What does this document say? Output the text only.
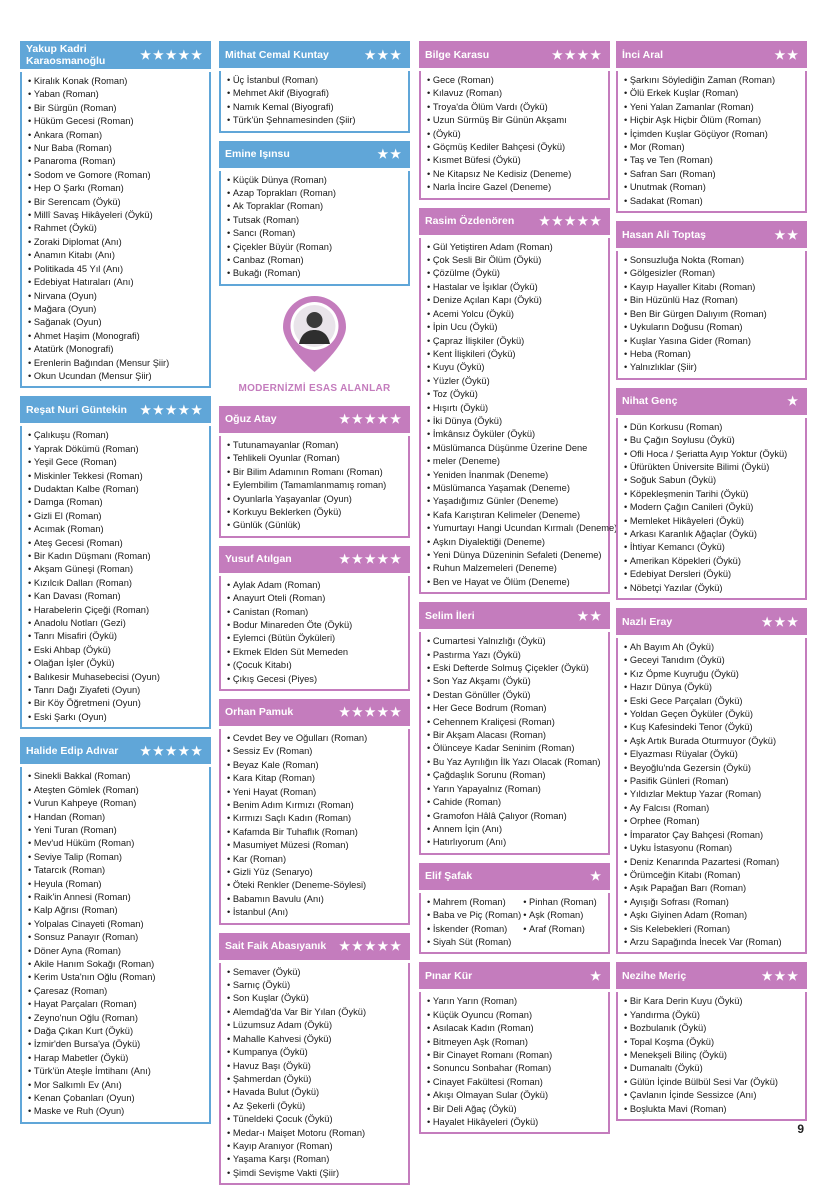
Yakup Kadri Karaosmanoğlu	★★★★★
• Kiralık Konak (Roman)
• Yaban (Roman)
• Bir Sürgün (Roman)
• Hüküm Gecesi (Roman)
• Ankara (Roman)
• Nur Baba (Roman)
• Panaroma (Roman)
• Sodom ve Gomore (Roman)
• Hep O Şarkı (Roman)
• Bir Serencam (Öykü)
• Millî Savaş Hikâyeleri (Öykü)
• Rahmet (Öykü)
• Zoraki Diplomat (Anı)
• Anamın Kitabı (Anı)
• Politikada 45 Yıl (Anı)
• Edebiyat Hatıraları (Anı)
• Nirvana (Oyun)
• Mağara (Oyun)
• Sağanak (Oyun)
• Ahmet Haşim (Monografi)
• Atatürk (Monografi)
• Erenlerin Bağından (Mensur Şiir)
• Okun Ucundan (Mensur Şiir)
Reşat Nuri Güntekin ★★★★★
• Çalıkuşu (Roman)
• Yaprak Dökümü (Roman)
• Yeşil Gece (Roman)
• Miskinler Tekkesi (Roman)
• Dudaktan Kalbe (Roman)
• Damga (Roman)
• Gizli El (Roman)
• Acımak (Roman)
• Ateş Gecesi (Roman)
• Bir Kadın Düşmanı (Roman)
• Akşam Güneşi (Roman)
• Kızılcık Dalları (Roman)
• Kan Davası (Roman)
• Harabelerin Çiçeği (Roman)
• Anadolu Notları (Gezi)
• Tanrı Misafiri (Öykü)
• Eski Ahbap (Öykü)
• Olağan İşler (Öykü)
• Balıkesir Muhasebecisi (Oyun)
• Tanrı Dağı Ziyafeti (Oyun)
• Bir Köy Öğretmeni (Oyun)
• Eski Şarkı (Oyun)
Halide Edip Adıvar ★★★★★
• Sinekli Bakkal (Roman)
• Ateşten Gömlek (Roman)
• Vurun Kahpeye (Roman)
• Handan (Roman)
• Yeni Turan (Roman)
• Mev'ud Hüküm (Roman)
• Seviye Talip (Roman)
• Tatarcık (Roman)
• Heyula (Roman)
• Raik'in Annesi (Roman)
• Kalp Ağrısı (Roman)
• Yolpalas Cinayeti (Roman)
• Sonsuz Panayır (Roman)
• Döner Ayna (Roman)
• Akile Hanım Sokağı (Roman)
• Kerim Usta'nın Oğlu (Roman)
• Çaresaz (Roman)
• Hayat Parçaları (Roman)
• Zeyno'nun Oğlu (Roman)
• Dağa Çıkan Kurt (Öykü)
• İzmir'den Bursa'ya (Öykü)
• Harap Mabetler (Öykü)
• Türk'ün Ateşle İmtihanı (Anı)
• Mor Salkımlı Ev (Anı)
• Kenan Çobanları (Oyun)
• Maske ve Ruh (Oyun)
Mithat Cemal Kuntay	★★★
• Üç İstanbul (Roman)
• Mehmet Akif (Biyografi)
• Namık Kemal (Biyografi)
• Türk'ün Şehnamesinden (Şiir)
Emine Işınsu	★★
• Küçük Dünya (Roman)
• Azap Toprakları (Roman)
• Ak Topraklar (Roman)
• Tutsak (Roman)
• Sancı (Roman)
• Çiçekler Büyür (Roman)
• Canbaz (Roman)
• Bukağı (Roman)
MODERNİZMİ ESAS ALANLAR
Oğuz Atay	★★★★★
• Tutunamayanlar (Roman)
• Tehlikeli Oyunlar (Roman)
• Bir Bilim Adamının Romanı (Roman)
• Eylembilim (Tamamlanmamış roman)
• Oyunlarla Yaşayanlar (Oyun)
• Korkuyu Beklerken (Öykü)
• Günlük (Günlük)
Yusuf Atılgan	★★★★★
• Aylak Adam (Roman)
• Anayurt Oteli (Roman)
• Canistan (Roman)
• Bodur Minareden Öte (Öykü)
• Eylemci (Bütün Öyküleri)
• Ekmek Elden Süt Memeden
• (Çocuk Kitabı)
• Çıkış Gecesi (Piyes)
Orhan Pamuk	★★★★★
• Cevdet Bey ve Oğulları (Roman)
• Sessiz Ev (Roman)
• Beyaz Kale (Roman)
• Kara Kitap (Roman)
• Yeni Hayat (Roman)
• Benim Adım Kırmızı (Roman)
• Kırmızı Saçlı Kadın (Roman)
• Kafamda Bir Tuhaflık (Roman)
• Masumiyet Müzesi (Roman)
• Kar (Roman)
• Gizli Yüz (Senaryo)
• Öteki Renkler (Deneme-Söylesi)
• Babamın Bavulu (Anı)
• İstanbul (Anı)
Sait Faik Abasıyanık ★★★★★
• Semaver (Öykü)
• Sarnıç (Öykü)
• Son Kuşlar (Öykü)
• Alemdağ'da Var Bir Yılan (Öykü)
• Lüzumsuz Adam (Öykü)
• Mahalle Kahvesi (Öykü)
• Kumpanya (Öykü)
• Havuz Başı (Öykü)
• Şahmerdan (Öykü)
• Havada Bulut (Öykü)
• Az Şekerli (Öykü)
• Tüneldeki Çocuk (Öykü)
• Medar-ı Maişet Motoru (Roman)
• Kayıp Aranıyor (Roman)
• Yaşama Karşı (Roman)
• Şimdi Sevişme Vakti (Şiir)
Bilge Karasu	★★★★
• Gece (Roman)
• Kılavuz (Roman)
• Troya'da Ölüm Vardı (Öykü)
• Uzun Sürmüş Bir Günün Akşamı
• (Öykü)
• Göçmüş Kediler Bahçesi (Öykü)
• Kısmet Büfesi (Öykü)
• Ne Kitapsız Ne Kedisiz (Deneme)
• Narla İncire Gazel (Deneme)
Rasim Özdenören ★★★★★
• Gül Yetiştiren Adam (Roman)
• Çok Sesli Bir Ölüm (Öykü)
• Çözülme (Öykü)
• Hastalar ve İşıklar (Öykü)
• Denize Açılan Kapı (Öykü)
• Acemi Yolcu (Öykü)
• İpin Ucu (Öykü)
• Çapraz İlişkiler (Öykü)
• Kent İlişkileri (Öykü)
• Kuyu (Öykü)
• Yüzler (Öykü)
• Toz (Öykü)
• Hışırtı (Öykü)
• İki Dünya (Öykü)
• İmkânsız Öyküler (Öykü)
• Müslümanca Düşünme Üzerine Dene
• meler (Deneme)
• Yeniden İnanmak (Deneme)
• Müslümanca Yaşamak (Deneme)
• Yaşadığımız Günler (Deneme)
• Kafa Karıştıran Kelimeler (Deneme)
• Yumurtayı Hangi Ucundan Kırmalı (Deneme)
• Aşkın Diyalektiği (Deneme)
• Yeni Dünya Düzeninin Sefaleti (Deneme)
• Ruhun Malzemeleri (Deneme)
• Ben ve Hayat ve Ölüm (Deneme)
Selim İleri	★★
• Cumartesi Yalnızlığı (Öykü)
• Pastırma Yazı (Öykü)
• Eski Defterde Solmuş Çiçekler (Öykü)
• Son Yaz Akşamı (Öykü)
• Destan Gönüller (Öykü)
• Her Gece Bodrum (Roman)
• Cehennem Kraliçesi (Roman)
• Bir Akşam Alacası (Roman)
• Ölünceye Kadar Seninim (Roman)
• Bu Yaz Ayrılığın İlk Yazı Olacak (Roman)
• Çağdaşlık Sorunu (Roman)
• Yarın Yapayalnız (Roman)
• Cahide (Roman)
• Gramofon Hâlâ Çalıyor (Roman)
• Annem İçin (Anı)
• Hatırlıyorum (Anı)
Elif Şafak	★
• Mahrem (Roman)
• Baba ve Piç (Roman)
• İskender (Roman)
• Siyah Süt (Roman)
• Pinhan (Roman)
• Aşk (Roman)
• Araf (Roman)
Pınar Kür	★
• Yarın Yarın (Roman)
• Küçük Oyuncu (Roman)
• Asılacak Kadın (Roman)
• Bitmeyen Aşk (Roman)
• Bir Cinayet Romanı (Roman)
• Sonuncu Sonbahar (Roman)
• Cinayet Fakültesi (Roman)
• Akışı Olmayan Sular (Öykü)
• Bir Deli Ağaç (Öykü)
• Hayalet Hikâyeleri (Öykü)
İnci Aral	★★
• Şarkını Söylediğin Zaman (Roman)
• Ölü Erkek Kuşlar (Roman)
• Yeni Yalan Zamanlar (Roman)
• Hiçbir Aşk Hiçbir Ölüm (Roman)
• İçimden Kuşlar Göçüyor (Roman)
• Mor (Roman)
• Taş ve Ten (Roman)
• Safran Sarı (Roman)
• Unutmak (Roman)
• Sadakat (Roman)
Hasan Ali Toptaş	★★
• Sonsuzluğa Nokta (Roman)
• Gölgesizler (Roman)
• Kayıp Hayaller Kitabı (Roman)
• Bin Hüzünlü Haz (Roman)
• Ben Bir Gürgen Dalıyım (Roman)
• Uykuların Doğusu (Roman)
• Kuşlar Yasına Gider (Roman)
• Heba (Roman)
• Yalnızlıklar (Şiir)
Nihat Genç	★
• Dün Korkusu (Roman)
• Bu Çağın Soylusu (Öykü)
• Ofli Hoca / Şeriatta Ayıp Yoktur (Öykü)
• Üfürükten Üniversite Bilimi (Öykü)
• Soğuk Sabun (Öykü)
• Köpekleşmenin Tarihi (Öykü)
• Modern Çağın Canileri (Öykü)
• Memleket Hikâyeleri (Öykü)
• Arkası Karanlık Ağaçlar (Öykü)
• İhtiyar Kemancı (Öykü)
• Amerikan Köpekleri (Öykü)
• Edebiyat Dersleri (Öykü)
• Nöbetçi Yazılar (Öykü)
Nazlı Eray	★★★
• Ah Bayım Ah (Öykü)
• Geceyi Tanıdım (Öykü)
• Kız Öpme Kuyruğu (Öykü)
• Hazır Dünya (Öykü)
• Eski Gece Parçaları (Öykü)
• Yoldan Geçen Öyküler (Öykü)
• Kuş Kafesindeki Tenor (Öykü)
• Aşk Artık Burada Oturmuyor (Öykü)
• Elyazması Rüyalar (Öykü)
• Beyoğlu'nda Gezersin (Öykü)
• Pasifik Günleri (Roman)
• Yıldızlar Mektup Yazar (Roman)
• Ay Falcısı (Roman)
• Orphee (Roman)
• İmparator Çay Bahçesi (Roman)
• Uyku İstasyonu (Roman)
• Deniz Kenarında Pazartesi (Roman)
• Örümceğin Kitabı (Roman)
• Aşık Papağan Barı (Roman)
• Ayışığı Sofrası (Roman)
• Aşkı Giyinen Adam (Roman)
• Sis Kelebekleri (Roman)
• Arzu Sapağında İnecek Var (Roman)
Nezihe Meriç	★★★
• Bir Kara Derin Kuyu (Öykü)
• Yandırma (Öykü)
• Bozbulanık (Öykü)
• Topal Koşma (Öykü)
• Menekşeli Bilinç (Öykü)
• Dumanaltı (Öykü)
• Gülün İçinde Bülbül Sesi Var (Öykü)
• Çavlanın İçinde Sessizce (Anı)
• Boşlukta Mavi (Roman)
9
